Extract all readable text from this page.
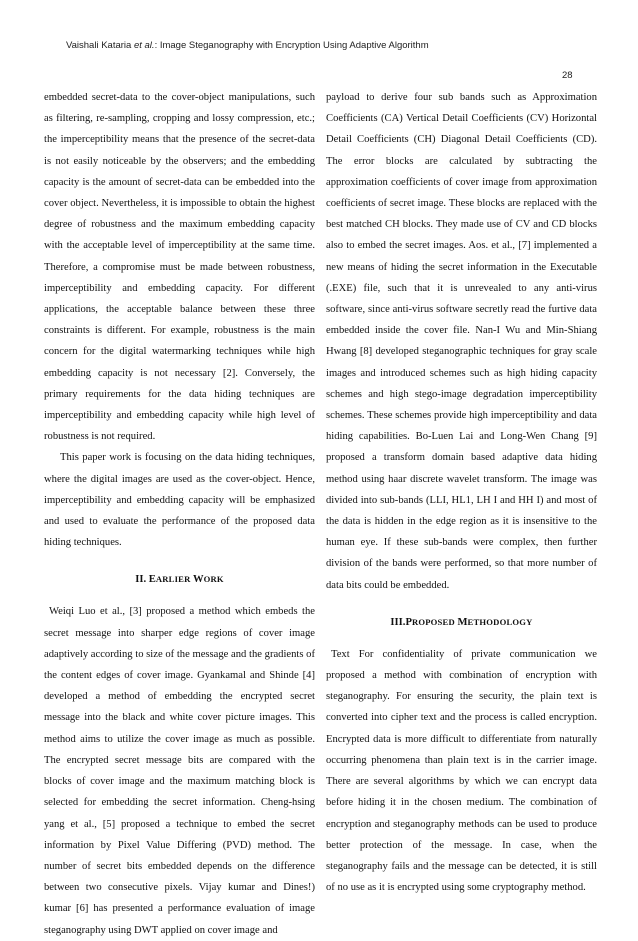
Vaishali Kataria et al.: Image Steganography with Encryption Using Adaptive Algorithm
28

embedded secret-data to the cover-object manipulations, such as filtering, re-sampling, cropping and lossy compression, etc.; the imperceptibility means that the presence of the secret-data is not easily noticeable by the observers; and the embedding capacity is the amount of secret-data can be embedded into the cover object. Nevertheless, it is impossible to obtain the highest degree of robustness and the maximum embedding capacity with the acceptable level of imperceptibility at the same time. Therefore, a compromise must be made between robustness, imperceptibility and embedding capacity. For different applications, the acceptable balance between these three constraints is different. For example, robustness is the main concern for the digital watermarking techniques while high embedding capacity is not necessary [2]. Conversely, the primary requirements for the data hiding techniques are imperceptibility and embedding capacity while high level of robustness is not required.

This paper work is focusing on the data hiding techniques, where the digital images are used as the cover-object. Hence, imperceptibility and embedding capacity will be emphasized and used to evaluate the performance of the proposed data hiding techniques.

II. EARLIER WORK

Weiqi Luo et al., [3] proposed a method which embeds the secret message into sharper edge regions of cover image adaptively according to size of the message and the gradients of the content edges of cover image. Gyankamal and Shinde [4] developed a method of embedding the encrypted secret message into the black and white cover picture images. This method aims to utilize the cover image as much as possible. The encrypted secret message bits are compared with the blocks of cover image and the maximum matching block is selected for embedding the secret information. Cheng-hsing yang et al., [5] proposed a technique to embed the secret information by Pixel Value Differing (PVD) method. The number of secret bits embedded depends on the difference between two consecutive pixels. Vijay kumar and Dines!) kumar [6] has presented a performance evaluation of image steganography using DWT applied on cover image and

payload to derive four sub bands such as Approximation Coefficients (CA) Vertical Detail Coefficients (CV) Horizontal Detail Coefficients (CH) Diagonal Detail Coefficients (CD). The error blocks are calculated by subtracting the approximation coefficients of cover image from approximation coefficients of secret image. These blocks are replaced with the best matched CH blocks. They made use of CV and CD blocks also to embed the secret images. Aos. et al., [7] implemented a new means of hiding the secret information in the Executable (.EXE) file, such that it is unrevealed to any anti-virus software, since anti-virus software secretly read the furtive data embedded inside the cover file. Nan-I Wu and Min-Shiang Hwang [8] developed steganographic techniques for gray scale images and introduced schemes such as high hiding capacity schemes and high stego-image degradation imperceptibility schemes. These schemes provide high imperceptibility and data hiding capabilities. Bo-Luen Lai and Long-Wen Chang [9] proposed a transform domain based adaptive data hiding method using haar discrete wavelet transform. The image was divided into sub-bands (LLI, HL1, LH I and HH I) and most of the data is hidden in the edge region as it is insensitive to the human eye. If these sub-bands were complex, then further division of the bands were performed, so that more number of data bits could be embedded.

III.PROPOSED METHODOLOGY

Text For confidentiality of private communication we proposed a method with combination of encryption with steganography. For ensuring the security, the plain text is converted into cipher text and the process is called encryption. Encrypted data is more difficult to differentiate from naturally occurring phenomena than plain text is in the carrier image. There are several algorithms by which we can encrypt data before hiding it in the chosen medium. The combination of encryption and steganography methods can be used to produce better protection of the message. In case, when the steganography fails and the message can be detected, it is still of no use as it is encrypted using some cryptography method.
